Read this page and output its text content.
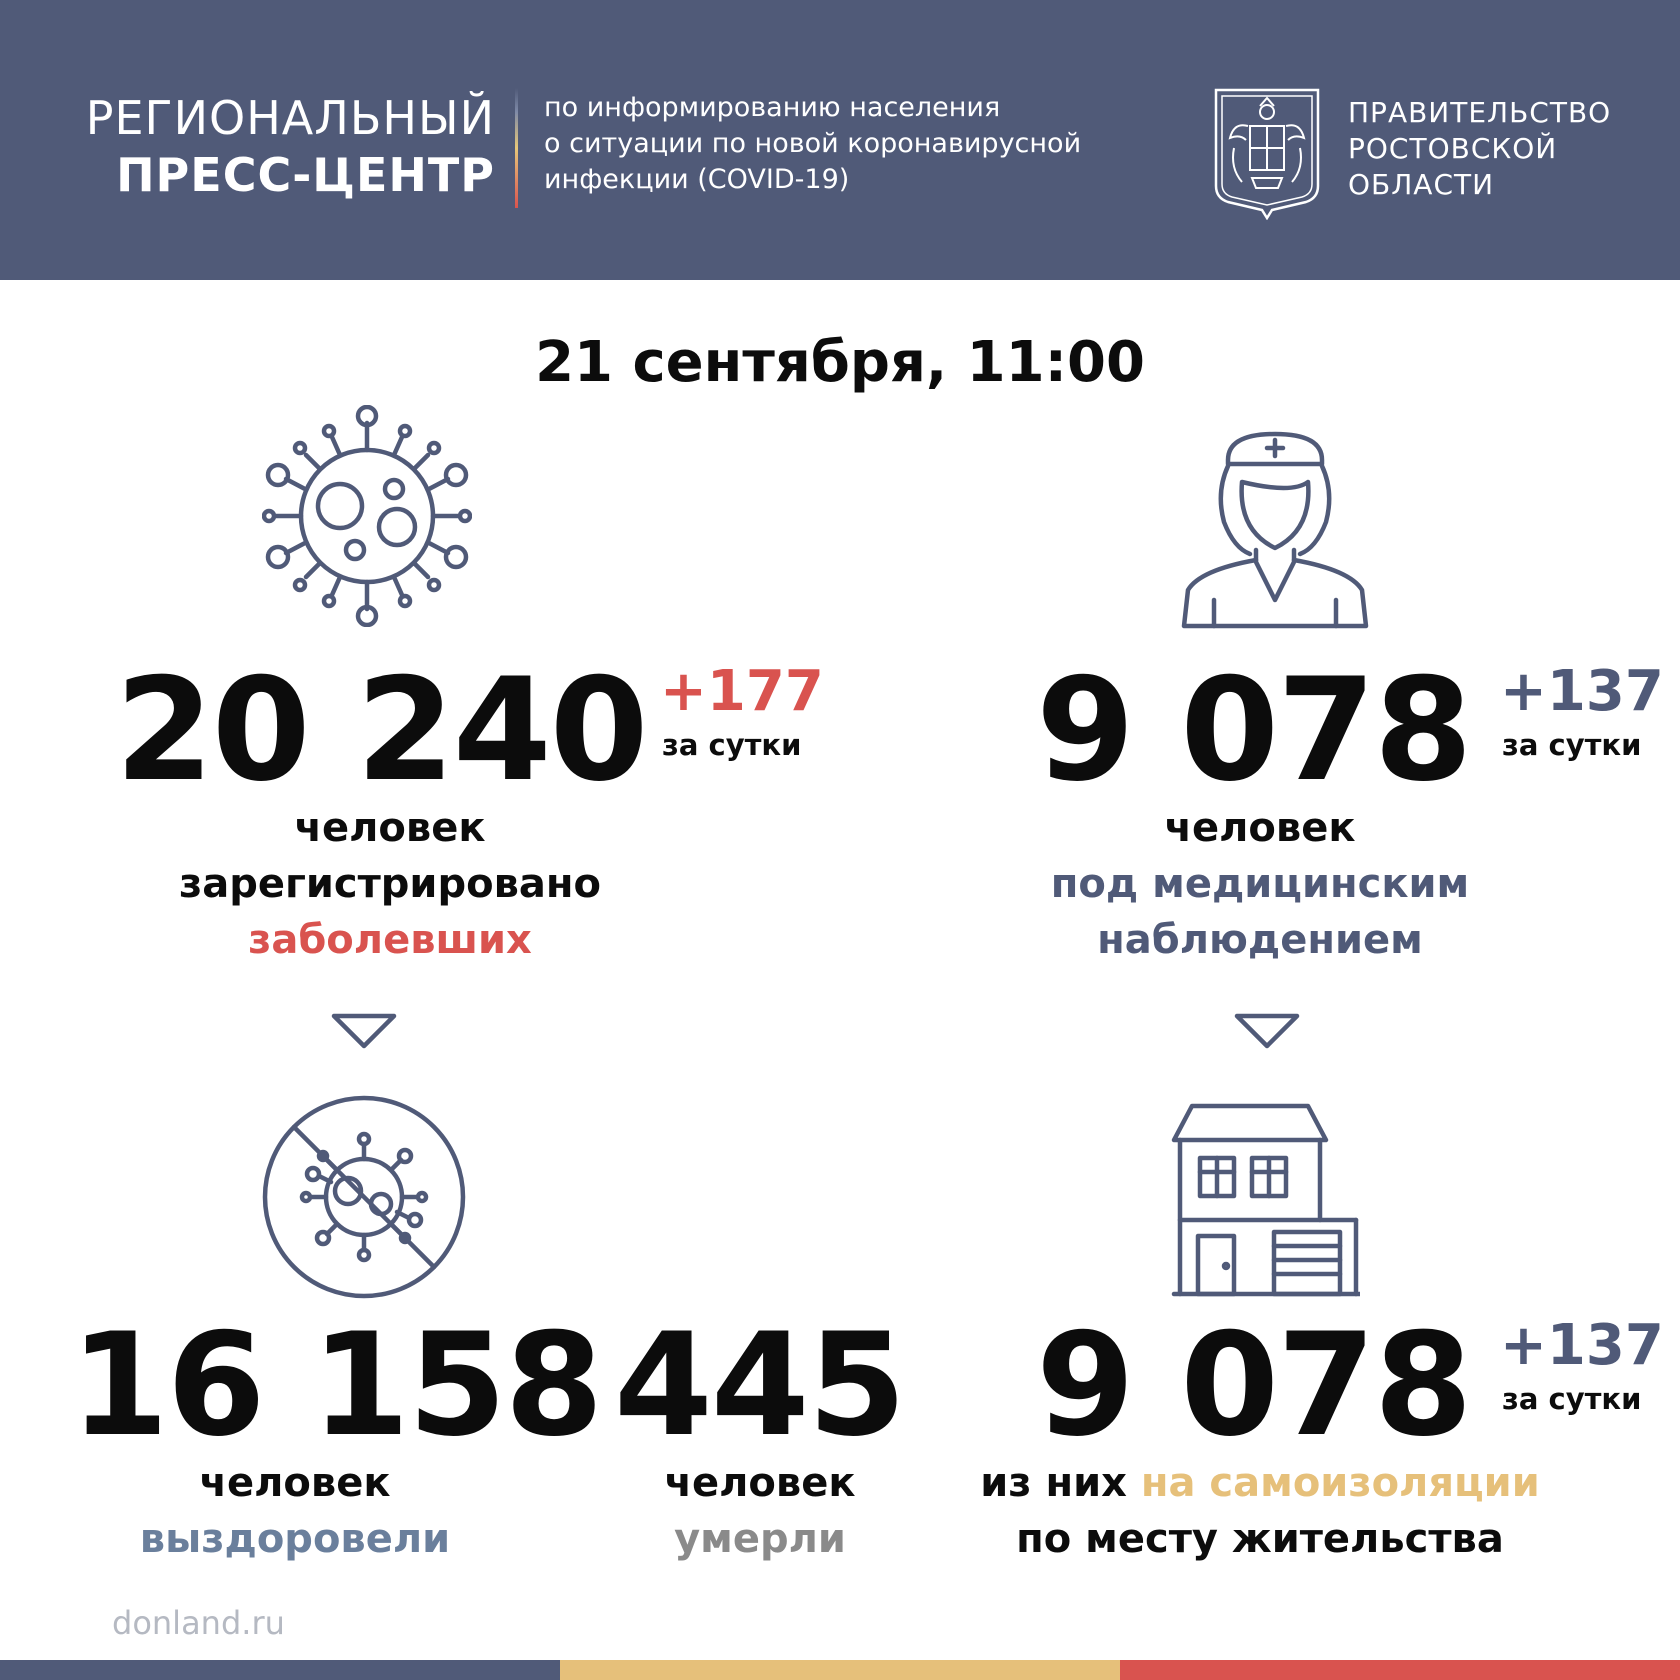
РЕГИОНАЛЬНЫЙ
ПРЕСС-ЦЕНТР
по информированию населения
о ситуации по новой коронавирусной
инфекции (COVID-19)
ПРАВИТЕЛЬСТВО
РОСТОВСКОЙ
ОБЛАСТИ
21 сентября, 11:00
20 240 +177
за сутки
человек
зарегистрировано
заболевших
9 078 +137
за сутки
человек
под медицинским
наблюдением
16 158
человек
выздоровели
445
человек
умерли
9 078 +137
за сутки
из них на самоизоляции
по месту жительства
donland.ru
